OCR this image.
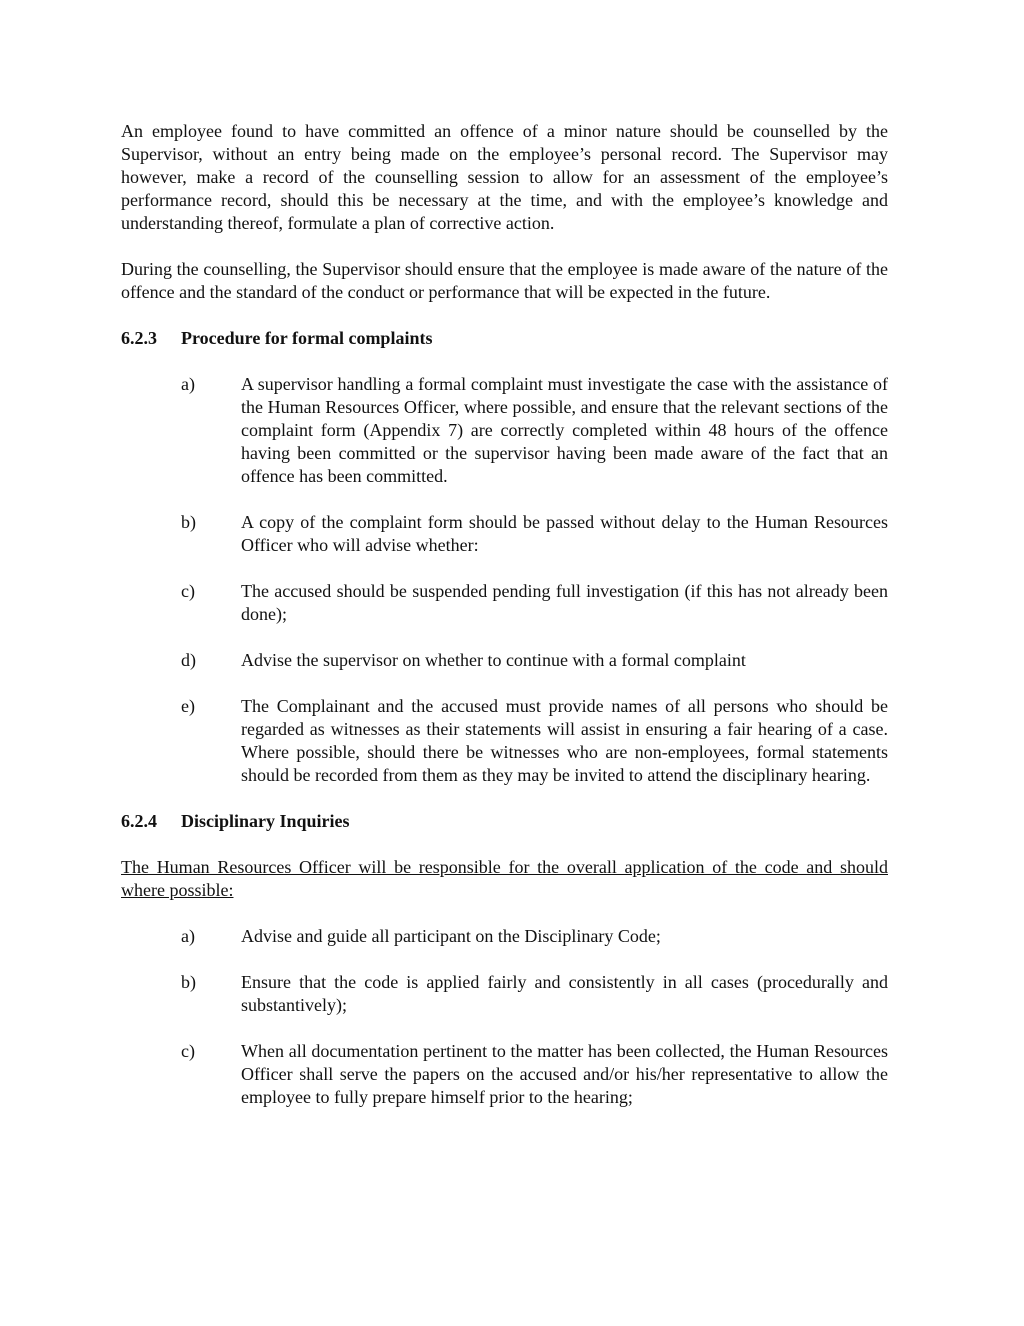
An employee found to have committed an offence of a minor nature should be counselled by the Supervisor, without an entry being made on the employee’s personal record. The Supervisor may however, make a record of the counselling session to allow for an assessment of the employee’s performance record, should this be necessary at the time, and with the employee’s knowledge and understanding thereof, formulate a plan of corrective action.

During the counselling, the Supervisor should ensure that the employee is made aware of the nature of the offence and the standard of the conduct or performance that will be expected in the future.

6.2.3	Procedure for formal complaints
a)	A supervisor handling a formal complaint must investigate the case with the assistance of the Human Resources Officer, where possible, and ensure that the relevant sections of the complaint form (Appendix 7) are correctly completed within 48 hours of the offence having been committed or the supervisor having been made aware of the fact that an offence has been committed.

b)	A copy of the complaint form should be passed without delay to the Human Resources Officer who will advise whether:

c)	The accused should be suspended pending full investigation (if this has not already been done);

d)	Advise the supervisor on whether to continue with a formal complaint

e)	The Complainant and the accused must provide names of all persons who should be regarded as witnesses as their statements will assist in ensuring a fair hearing of a case. Where possible, should there be witnesses who are non-employees, formal statements should be recorded from them as they may be invited to attend the disciplinary hearing.

6.2.4	Disciplinary Inquiries

The Human Resources Officer will be responsible for the overall application of the code and should where possible:

a)	Advise and guide all participant on the Disciplinary Code;

b)	Ensure that the code is applied fairly and consistently in all cases (procedurally and substantively);

c)	When all documentation pertinent to the matter has been collected, the Human Resources Officer shall serve the papers on the accused and/or his/her representative to allow the employee to fully prepare himself prior to the hearing;
